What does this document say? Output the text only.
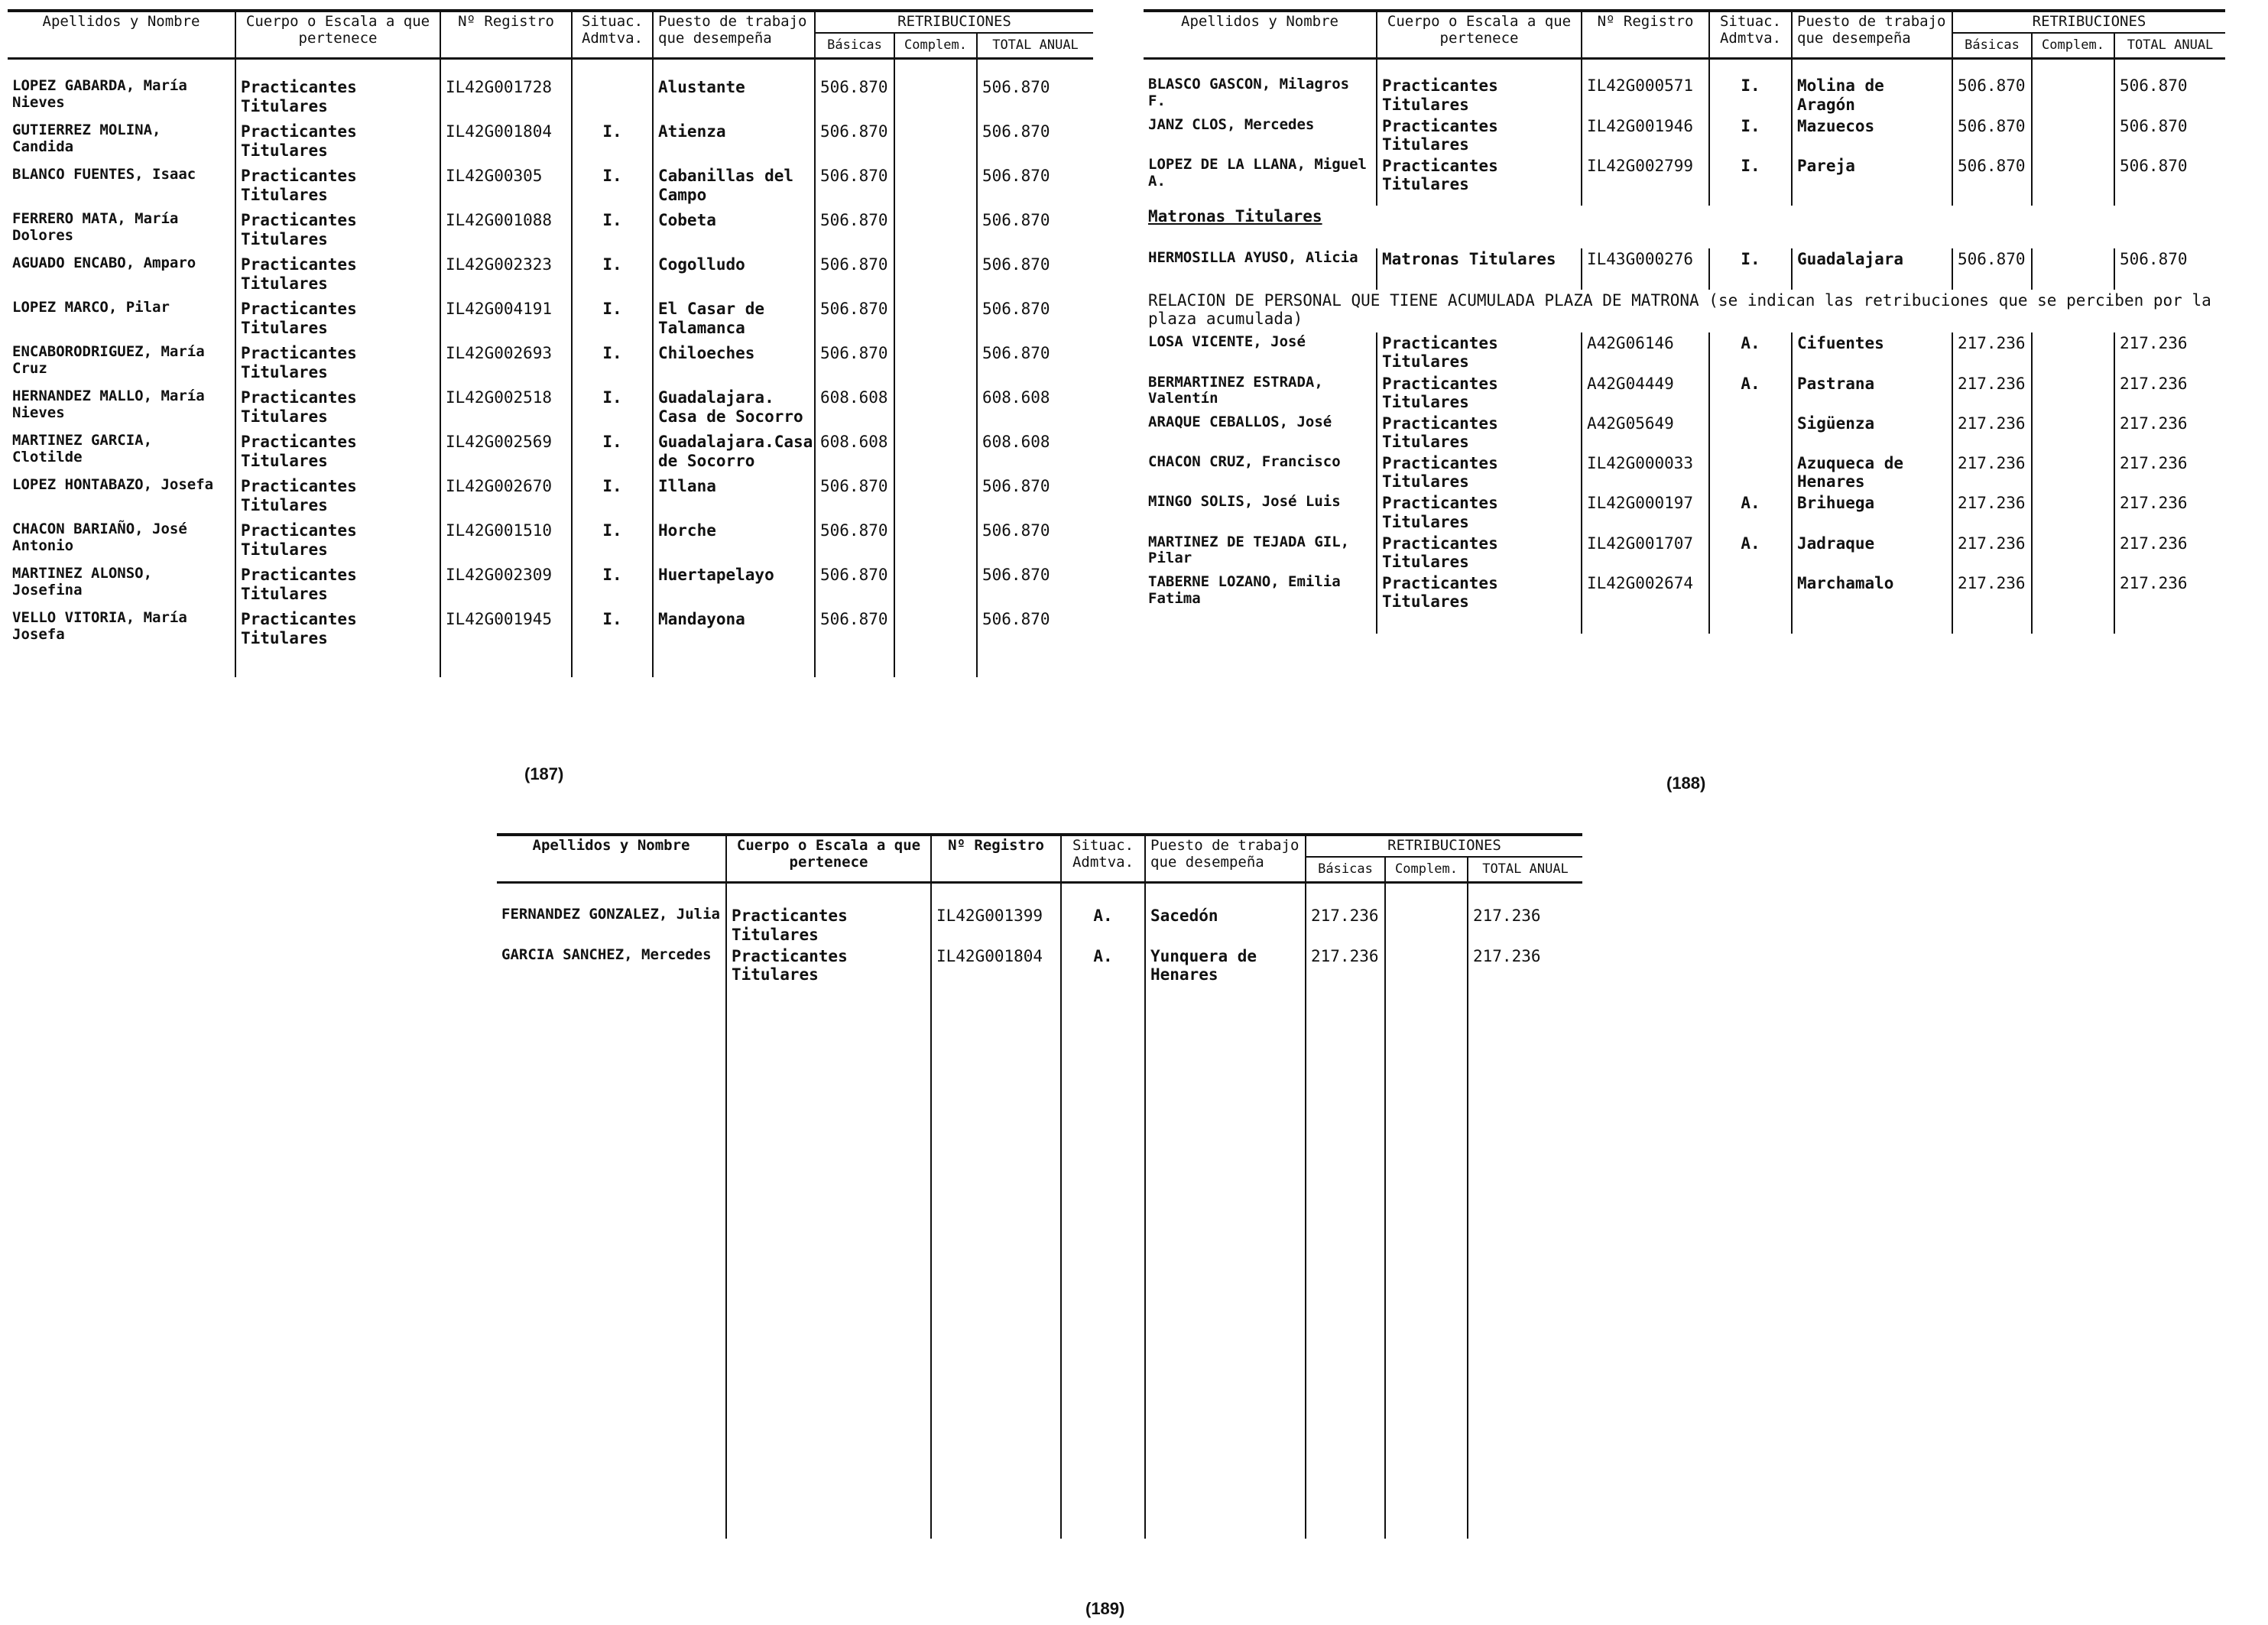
Apellidos y Nombre	Cuerpo o Escala a que pertenece	Nº Registro	Situac. Admtva.	Puesto de trabajo que desempeña	RETRIBUCIONES		
					Básicas	Complem.	TOTAL ANUAL

LOPEZ GABARDA, María Nieves	Practicantes Titulares	IL42G001728		Alustante	506.870		506.870
GUTIERREZ MOLINA, Candida	Practicantes Titulares	IL42G001804	I.	Atienza	506.870		506.870
BLANCO FUENTES, Isaac	Practicantes Titulares	IL42G00305	I.	Cabanillas del Campo	506.870		506.870
FERRERO MATA, María Dolores	Practicantes Titulares	IL42G001088	I.	Cobeta	506.870		506.870
AGUADO ENCABO, Amparo	Practicantes Titulares	IL42G002323	I.	Cogolludo	506.870		506.870
LOPEZ MARCO, Pilar	Practicantes Titulares	IL42G004191	I.	El Casar de Talamanca	506.870		506.870
ENCABORODRIGUEZ, María Cruz	Practicantes Titulares	IL42G002693	I.	Chiloeches	506.870		506.870
HERNANDEZ MALLO, María Nieves	Practicantes Titulares	IL42G002518	I.	Guadalajara. Casa de Socorro	608.608		608.608
MARTINEZ GARCIA, Clotilde	Practicantes Titulares	IL42G002569	I.	Guadalajara.Casa de Socorro	608.608		608.608
LOPEZ HONTABAZO, Josefa	Practicantes Titulares	IL42G002670	I.	Illana	506.870		506.870
CHACON BARIAÑO, José Antonio	Practicantes Titulares	IL42G001510	I.	Horche	506.870		506.870
MARTINEZ ALONSO, Josefina	Practicantes Titulares	IL42G002309	I.	Huertapelayo	506.870		506.870
VELLO VITORIA, María Josefa	Practicantes Titulares	IL42G001945	I.	Mandayona	506.870		506.870

(187)
Apellidos y Nombre	Cuerpo o Escala a que pertenece	Nº Registro	Situac. Admtva.	Puesto de trabajo que desempeña	RETRIBUCIONES		
					Básicas	Complem.	TOTAL ANUAL

BLASCO GASCON, Milagros F.	Practicantes Titulares	IL42G000571	I.	Molina de Aragón	506.870		506.870
JANZ CLOS, Mercedes	Practicantes Titulares	IL42G001946	I.	Mazuecos	506.870		506.870
LOPEZ DE LA LLANA, Miguel A.	Practicantes Titulares	IL42G002799	I.	Pareja	506.870		506.870

Matronas Titulares							
HERMOSILLA AYUSO, Alicia	Matronas Titulares	IL43G000276	I.	Guadalajara	506.870		506.870
RELACION DE PERSONAL QUE TIENE ACUMULADA PLAZA DE MATRONA (se indican las retribuciones que se perciben por la plaza acumulada)							
LOSA VICENTE, José	Practicantes Titulares	A42G06146	A.	Cifuentes	217.236		217.236
BERMARTINEZ ESTRADA, Valentín	Practicantes Titulares	A42G04449	A.	Pastrana	217.236		217.236
ARAQUE CEBALLOS, José	Practicantes Titulares	A42G05649		Sigüenza	217.236		217.236
CHACON CRUZ, Francisco	Practicantes Titulares	IL42G000033		Azuqueca de Henares	217.236		217.236
MINGO SOLIS, José Luis	Practicantes Titulares	IL42G000197	A.	Brihuega	217.236		217.236
MARTINEZ DE TEJADA GIL, Pilar	Practicantes Titulares	IL42G001707	A.	Jadraque	217.236		217.236
TABERNE LOZANO, Emilia Fatima	Practicantes Titulares	IL42G002674		Marchamalo	217.236		217.236

(188)
Apellidos y Nombre	Cuerpo o Escala a que pertenece	Nº Registro	Situac. Admtva.	Puesto de trabajo que desempeña	RETRIBUCIONES		
					Básicas	Complem.	TOTAL ANUAL

FERNANDEZ GONZALEZ, Julia	Practicantes Titulares	IL42G001399	A.	Sacedón	217.236		217.236
GARCIA SANCHEZ, Mercedes	Practicantes Titulares	IL42G001804	A.	Yunquera de Henares	217.236		217.236

(189)
